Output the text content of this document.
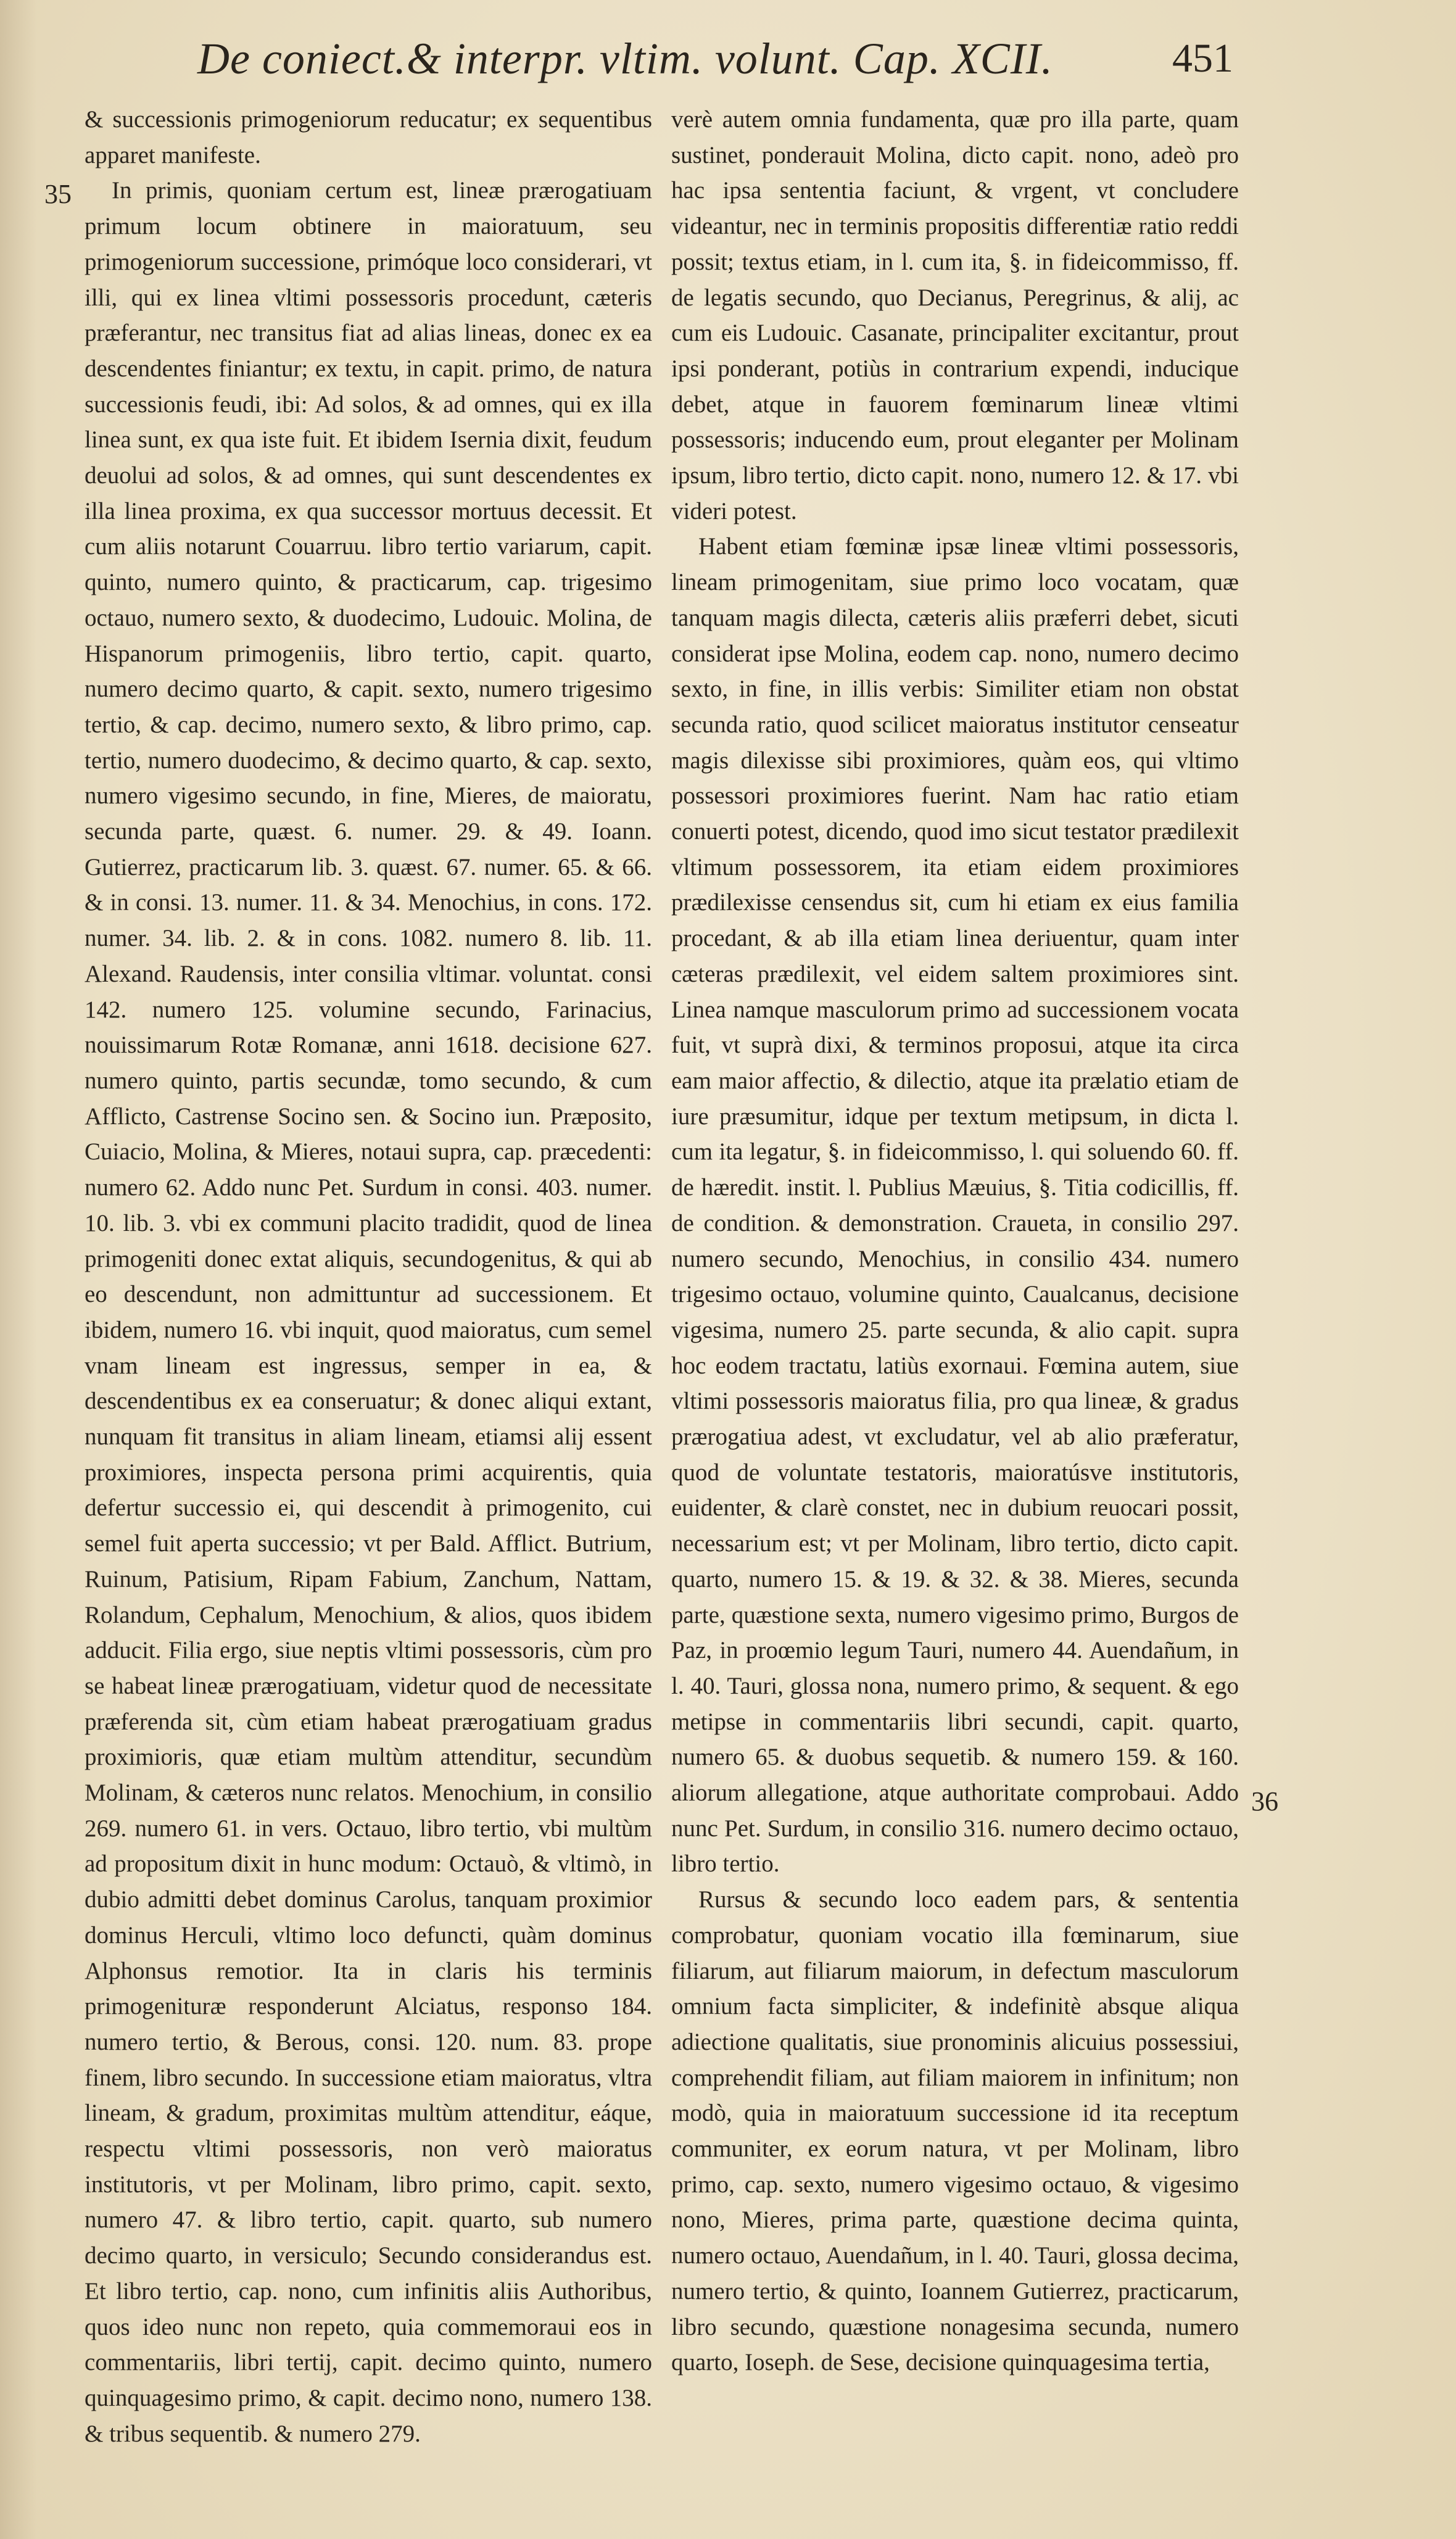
De coniect.& interpr. vltim. volunt. Cap. XCII.	451
35
36

& successionis primogeniorum reducatur; ex sequentibus apparet manifeste.

In primis, quoniam certum est, lineæ prærogatiuam primum locum obtinere in maioratuum, seu primogeniorum successione, primóque loco considerari, vt illi, qui ex linea vltimi possessoris procedunt, cæteris præferantur, nec transitus fiat ad alias lineas, donec ex ea descendentes finiantur; ex textu, in capit. primo, de natura successionis feudi, ibi: Ad solos, & ad omnes, qui ex illa linea sunt, ex qua iste fuit. Et ibidem Isernia dixit, feudum deuolui ad solos, & ad omnes, qui sunt descendentes ex illa linea proxima, ex qua successor mortuus decessit. Et cum aliis notarunt Couarruu. libro tertio variarum, capit. quinto, numero quinto, & practicarum, cap. trigesimo octauo, numero sexto, & duodecimo, Ludouic. Molina, de Hispanorum primogeniis, libro tertio, capit. quarto, numero decimo quarto, & capit. sexto, numero trigesimo tertio, & cap. decimo, numero sexto, & libro primo, cap. tertio, numero duodecimo, & decimo quarto, & cap. sexto, numero vigesimo secundo, in fine, Mieres, de maioratu, secunda parte, quæst. 6. numer. 29. & 49. Ioann. Gutierrez, practicarum lib. 3. quæst. 67. numer. 65. & 66. & in consi. 13. numer. 11. & 34. Menochius, in cons. 172. numer. 34. lib. 2. & in cons. 1082. numero 8. lib. 11. Alexand. Raudensis, inter consilia vltimar. voluntat. consi 142. numero 125. volumine secundo, Farinacius, nouissimarum Rotæ Romanæ, anni 1618. decisione 627. numero quinto, partis secundæ, tomo secundo, & cum Afflicto, Castrense Socino sen. & Socino iun. Præposito, Cuiacio, Molina, & Mieres, notaui supra, cap. præcedenti: numero 62. Addo nunc Pet. Surdum in consi. 403. numer. 10. lib. 3. vbi ex communi placito tradidit, quod de linea primogeniti donec extat aliquis, secundogenitus, & qui ab eo descendunt, non admittuntur ad successionem. Et ibidem, numero 16. vbi inquit, quod maioratus, cum semel vnam lineam est ingressus, semper in ea, & descendentibus ex ea conseruatur; & donec aliqui extant, nunquam fit transitus in aliam lineam, etiamsi alij essent proximiores, inspecta persona primi acquirentis, quia defertur successio ei, qui descendit à primogenito, cui semel fuit aperta successio; vt per Bald. Afflict. Butrium, Ruinum, Patisium, Ripam Fabium, Zanchum, Nattam, Rolandum, Cephalum, Menochium, & alios, quos ibidem adducit. Filia ergo, siue neptis vltimi possessoris, cùm pro se habeat lineæ prærogatiuam, videtur quod de necessitate præferenda sit, cùm etiam habeat prærogatiuam gradus proximioris, quæ etiam multùm attenditur, secundùm Molinam, & cæteros nunc relatos. Menochium, in consilio 269. numero 61. in vers. Octauo, libro tertio, vbi multùm ad propositum dixit in hunc modum: Octauò, & vltimò, in dubio admitti debet dominus Carolus, tanquam proximior dominus Herculi, vltimo loco defuncti, quàm dominus Alphonsus remotior. Ita in claris his terminis primogenituræ responderunt Alciatus, responso 184. numero tertio, & Berous, consi. 120. num. 83. prope finem, libro secundo. In successione etiam maioratus, vltra lineam, & gradum, proximitas multùm attenditur, eáque, respectu vltimi possessoris, non verò maioratus institutoris, vt per Molinam, libro primo, capit. sexto, numero 47. & libro tertio, capit. quarto, sub numero decimo quarto, in versiculo; Secundo considerandus est. Et libro tertio, cap. nono, cum infinitis aliis Authoribus, quos ideo nunc non repeto, quia commemoraui eos in commentariis, libri tertij, capit. decimo quinto, numero quinquagesimo primo, & capit. decimo nono, numero 138. & tribus sequentib. & numero 279.

verè autem omnia fundamenta, quæ pro illa parte, quam sustinet, ponderauit Molina, dicto capit. nono, adeò pro hac ipsa sententia faciunt, & vrgent, vt concludere videantur, nec in terminis propositis differentiæ ratio reddi possit; textus etiam, in l. cum ita, §. in fideicommisso, ff. de legatis secundo, quo Decianus, Peregrinus, & alij, ac cum eis Ludouic. Casanate, principaliter excitantur, prout ipsi ponderant, potiùs in contrarium expendi, induciquе debet, atque in fauorem fœminarum lineæ vltimi possessoris; inducendo eum, prout eleganter per Molinam ipsum, libro tertio, dicto capit. nono, numero 12. & 17. vbi videri potest.

Habent etiam fœminæ ipsæ lineæ vltimi possessoris, lineam primogenitam, siue primo loco vocatam, quæ tanquam magis dilecta, cæteris aliis præferri debet, sicuti considerat ipse Molina, eodem cap. nono, numero decimo sexto, in fine, in illis verbis: Similiter etiam non obstat secunda ratio, quod scilicet maioratus institutor censeatur magis dilexisse sibi proximiores, quàm eos, qui vltimo possessori proximiores fuerint. Nam hac ratio etiam conuerti potest, dicendo, quod imo sicut testator prædilexit vltimum possessorem, ita etiam eidem proximiores prædilexisse censendus sit, cum hi etiam ex eius familia procedant, & ab illa etiam linea deriuentur, quam inter cæteras prædilexit, vel eidem saltem proximiores sint. Linea namque masculorum primo ad successionem vocata fuit, vt suprà dixi, & terminos proposui, atque ita circa eam maior affectio, & dilectio, atque ita prælatio etiam de iure præsumitur, idque per textum metipsum, in dicta l. cum ita legatur, §. in fideicommisso, l. qui soluendo 60. ff. de hæredit. instit. l. Publius Mæuius, §. Titia codicillis, ff. de condition. & demonstration. Craueta, in consilio 297. numero secundo, Menochius, in consilio 434. numero trigesimo octauo, volumine quinto, Caualcanus, decisione vigesima, numero 25. parte secunda, & alio capit. supra hoc eodem tractatu, latiùs exornaui. Fœmina autem, siue vltimi possessoris maioratus filia, pro qua lineæ, & gradus prærogatiua adest, vt excludatur, vel ab alio præferatur, quod de voluntate testatoris, maioratúsve institutoris, euidenter, & clarè constet, nec in dubium reuocari possit, necessarium est; vt per Molinam, libro tertio, dicto capit. quarto, numero 15. & 19. & 32. & 38. Mieres, secunda parte, quæstione sexta, numero vigesimo primo, Burgos de Paz, in proœmio legum Tauri, numero 44. Auendañum, in l. 40. Tauri, glossa nona, numero primo, & sequent. & ego metipse in commentariis libri secundi, capit. quarto, numero 65. & duobus sequetib. & numero 159. & 160. aliorum allegatione, atque authoritate comprobaui. Addo nunc Pet. Surdum, in consilio 316. numero decimo octauo, libro tertio.

Rursus & secundo loco eadem pars, & sententia comprobatur, quoniam vocatio illa fœminarum, siue filiarum, aut filiarum maiorum, in defectum masculorum omnium facta simpliciter, & indefinitè absque aliqua adiectione qualitatis, siue pronominis alicuius possessiui, comprehendit filiam, aut filiam maiorem in infinitum; non modò, quia in maioratuum successione id ita receptum communiter, ex eorum natura, vt per Molinam, libro primo, cap. sexto, numero vigesimo octauo, & vigesimo nono, Mieres, prima parte, quæstione decima quinta, numero octauo, Auendañum, in l. 40. Tauri, glossa decima, numero tertio, & quinto, Ioannem Gutierrez, practicarum, libro secundo, quæstione nonagesima secunda, numero quarto, Ioseph. de Sese, decisione quinquagesima tertia,
